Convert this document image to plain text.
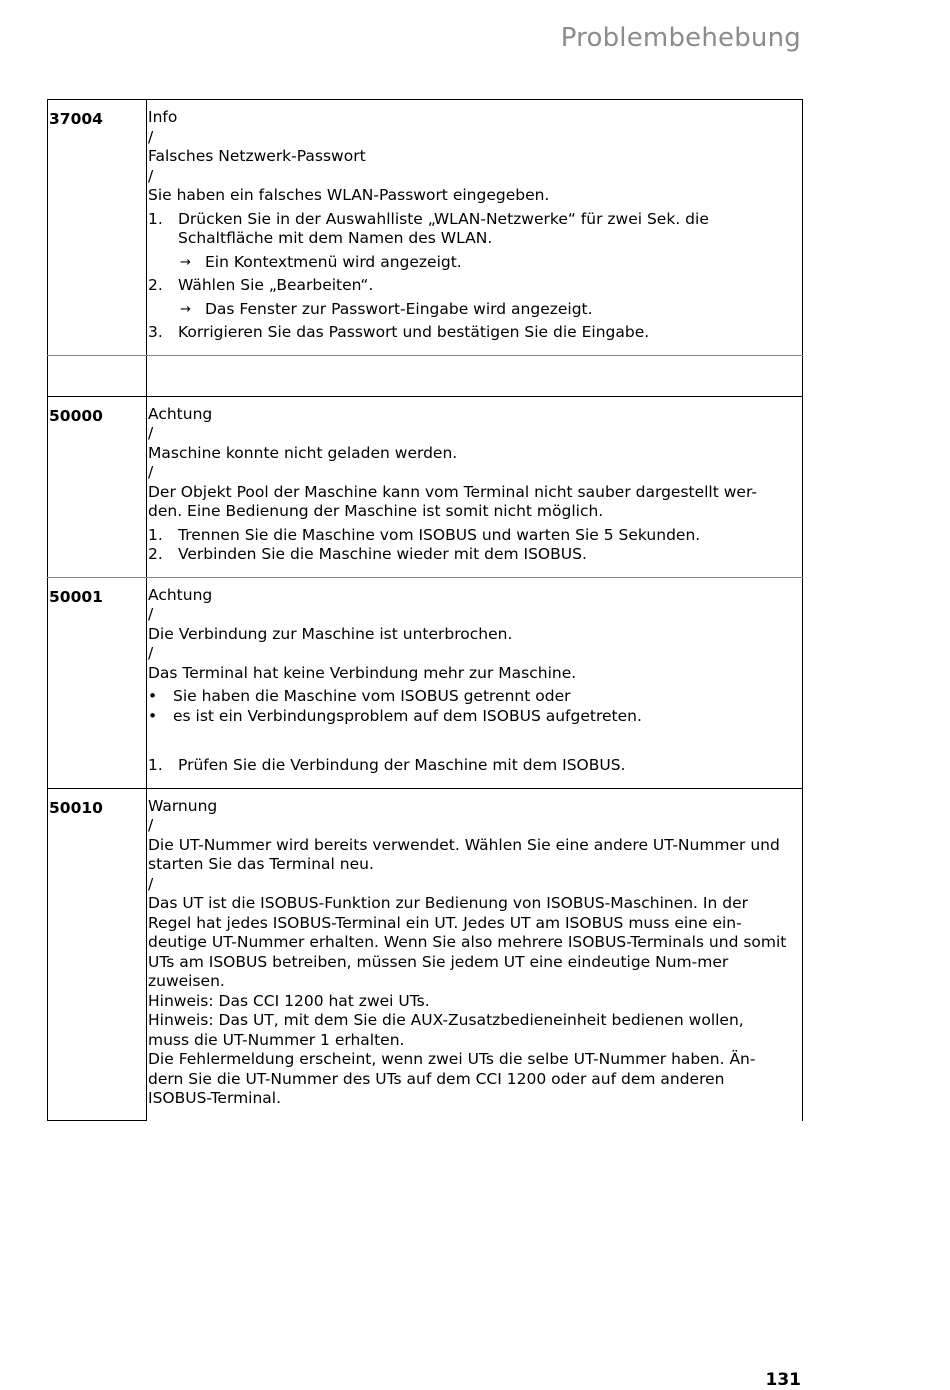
Problembehebung
37004	Info

/

Falsches Netzwerk-Passwort

/

Sie haben ein falsches WLAN-Passwort eingegeben.

1. Drücken Sie in der Auswahlliste „WLAN-Netzwerke“ für zwei Sek. die Schaltfläche mit dem Namen des WLAN.
→ Ein Kontextmenü wird angezeigt.
2. Wählen Sie „Bearbeiten“.
→ Das Fenster zur Passwort-Eingabe wird angezeigt.
3. Korrigieren Sie das Passwort und bestätigen Sie die Eingabe.
50000	Achtung

/

Maschine konnte nicht geladen werden.

/

Der Objekt Pool der Maschine kann vom Terminal nicht sauber dargestellt wer-den. Eine Bedienung der Maschine ist somit nicht möglich.

1. Trennen Sie die Maschine vom ISOBUS und warten Sie 5 Sekunden.
2. Verbinden Sie die Maschine wieder mit dem ISOBUS.
50001	Achtung

/

Die Verbindung zur Maschine ist unterbrochen.

/

Das Terminal hat keine Verbindung mehr zur Maschine.

•	Sie haben die Maschine vom ISOBUS getrennt oder
•	es ist ein Verbindungsproblem auf dem ISOBUS aufgetreten.
1. Prüfen Sie die Verbindung der Maschine mit dem ISOBUS.
50010	Warnung

/

Die UT-Nummer wird bereits verwendet. Wählen Sie eine andere UT-Nummer und starten Sie das Terminal neu.

/

Das UT ist die ISOBUS-Funktion zur Bedienung von ISOBUS-Maschinen. In der Regel hat jedes ISOBUS-Terminal ein UT. Jedes UT am ISOBUS muss eine ein-deutige UT-Nummer erhalten. Wenn Sie also mehrere ISOBUS-Terminals und somit UTs am ISOBUS betreiben, müssen Sie jedem UT eine eindeutige Num-mer zuweisen.

Hinweis: Das CCI 1200 hat zwei UTs.

Hinweis: Das UT, mit dem Sie die AUX-Zusatzbedieneinheit bedienen wollen, muss die UT-Nummer 1 erhalten.

Die Fehlermeldung erscheint, wenn zwei UTs die selbe UT-Nummer haben. Än-dern Sie die UT-Nummer des UTs auf dem CCI 1200 oder auf dem anderen ISOBUS-Terminal.

131
